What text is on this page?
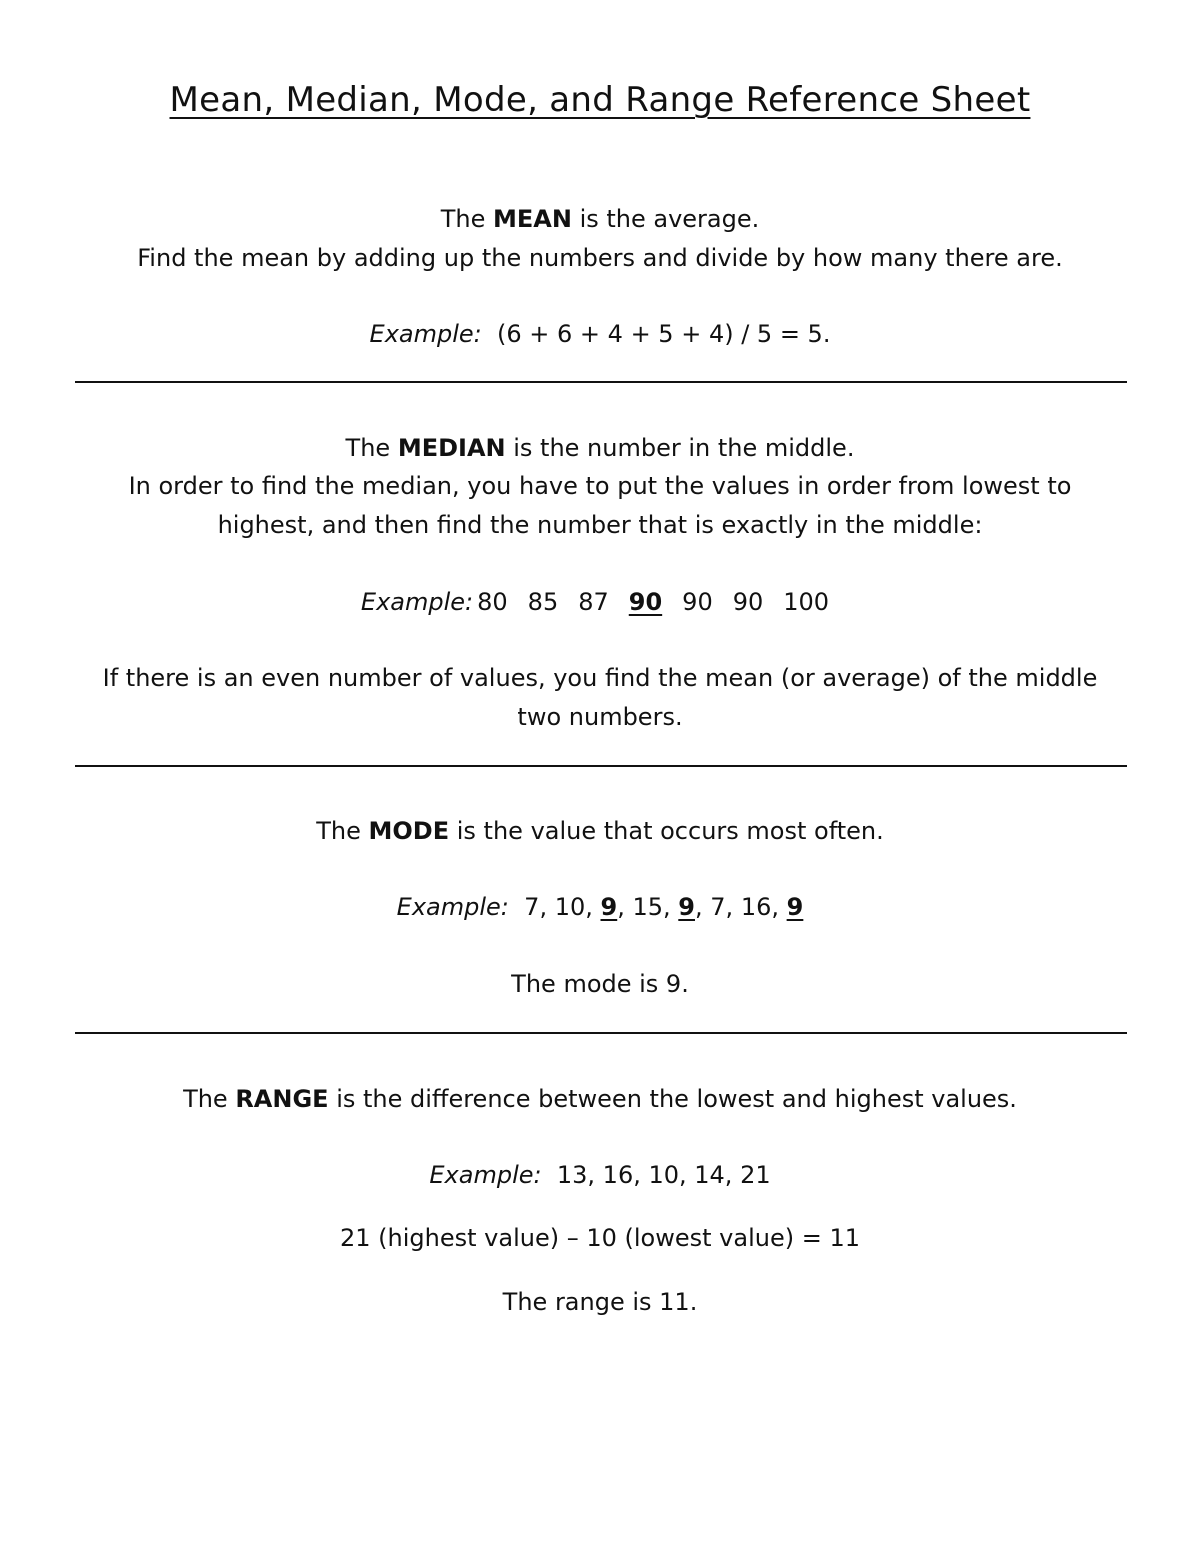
Mean, Median, Mode, and Range Reference Sheet
The MEAN is the average.
Find the mean by adding up the numbers and divide by how many there are.
Example: (6 + 6 + 4 + 5 + 4) / 5 = 5.
The MEDIAN is the number in the middle.
In order to find the median, you have to put the values in order from lowest to
highest, and then find the number that is exactly in the middle:
Example: 80 85 87 90 90 90 100
If there is an even number of values, you find the mean (or average) of the middle
two numbers.
The MODE is the value that occurs most often.
Example: 7, 10, 9, 15, 9, 7, 16, 9
The mode is 9.
The RANGE is the difference between the lowest and highest values.
Example: 13, 16, 10, 14, 21
21 (highest value) – 10 (lowest value) = 11
The range is 11.
